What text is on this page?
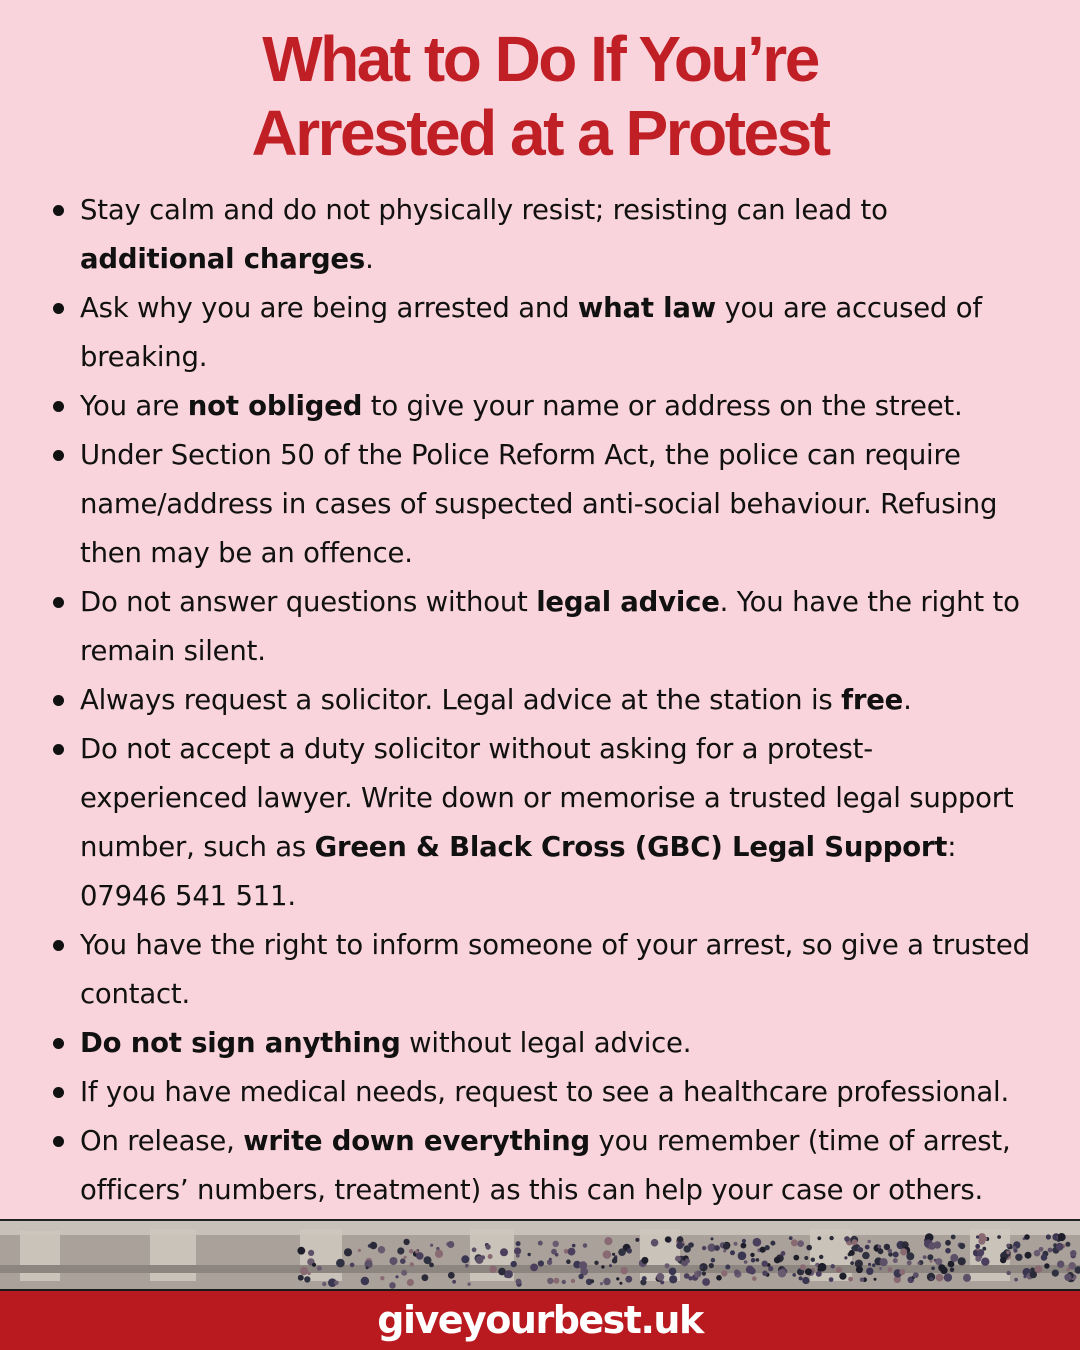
What to Do If You’re
Arrested at a Protest
Stay calm and do not physically resist; resisting can lead to additional charges.
Ask why you are being arrested and what law you are accused of breaking.
You are not obliged to give your name or address on the street.
Under Section 50 of the Police Reform Act, the police can require name/address in cases of suspected anti-social behaviour. Refusing then may be an offence.
Do not answer questions without legal advice. You have the right to remain silent.
Always request a solicitor. Legal advice at the station is free.
Do not accept a duty solicitor without asking for a protest-experienced lawyer. Write down or memorise a trusted legal support number, such as Green & Black Cross (GBC) Legal Support: 07946 541 511.
You have the right to inform someone of your arrest, so give a trusted contact.
Do not sign anything without legal advice.
If you have medical needs, request to see a healthcare professional.
On release, write down everything you remember (time of arrest, officers’ numbers, treatment) as this can help your case or others.
giveyourbest.uk
